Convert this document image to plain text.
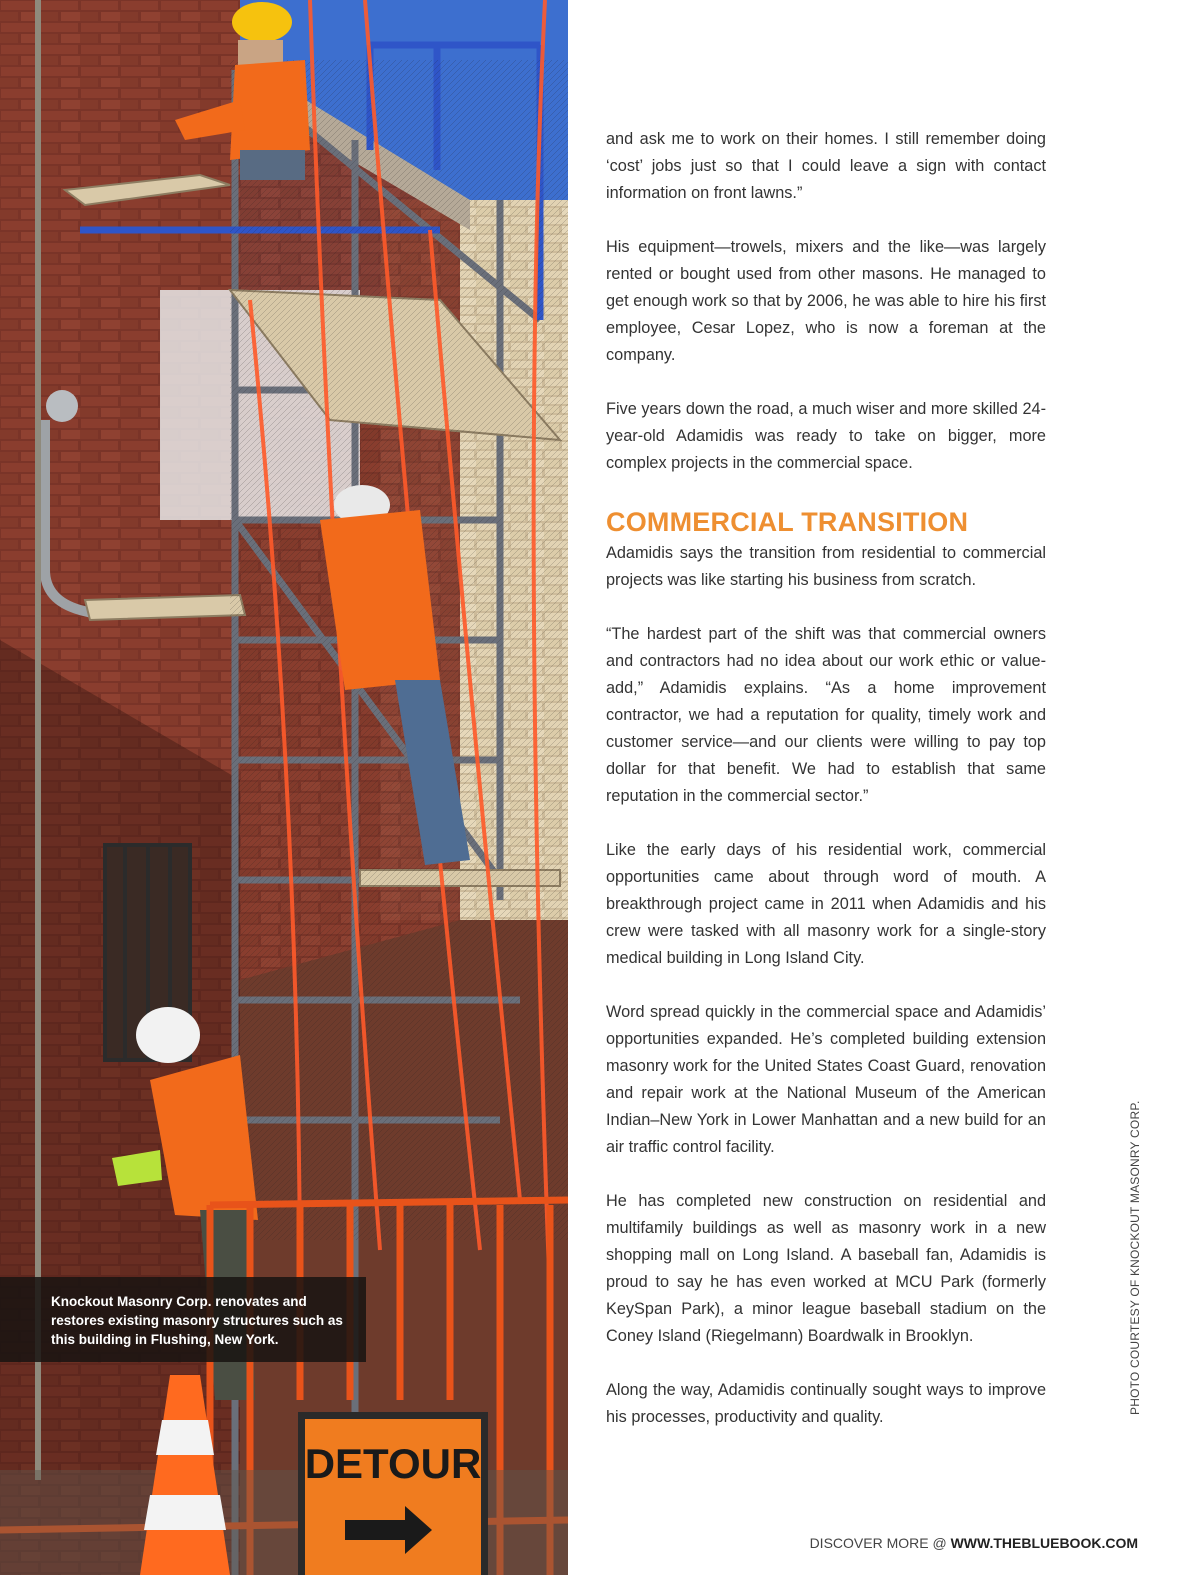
DETOUR
Knockout Masonry Corp. renovates and restores existing masonry structures such as this building in Flushing, New York.

and ask me to work on their homes. I still remember doing ‘cost’ jobs just so that I could leave a sign with contact information on front lawns.”

His equipment—trowels, mixers and the like—was largely rented or bought used from other masons. He managed to get enough work so that by 2006, he was able to hire his first employee, Cesar Lopez, who is now a foreman at the company.

Five years down the road, a much wiser and more skilled 24-year-old Adamidis was ready to take on bigger, more complex projects in the commercial space.

COMMERCIAL TRANSITION

Adamidis says the transition from residential to commercial projects was like starting his business from scratch.

“The hardest part of the shift was that commercial owners and contractors had no idea about our work ethic or value-add,” Adamidis explains. “As a home improvement contractor, we had a reputation for quality, timely work and customer service—and our clients were willing to pay top dollar for that benefit. We had to establish that same reputation in the commercial sector.”

Like the early days of his residential work, commercial opportunities came about through word of mouth. A breakthrough project came in 2011 when Adamidis and his crew were tasked with all masonry work for a single-story medical building in Long Island City.

Word spread quickly in the commercial space and Adamidis’ opportunities expanded. He’s completed building extension masonry work for the United States Coast Guard, renovation and repair work at the National Museum of the American Indian–New York in Lower Manhattan and a new build for an air traffic control facility.

He has completed new construction on residential and multifamily buildings as well as masonry work in a new shopping mall on Long Island. A baseball fan, Adamidis is proud to say he has even worked at MCU Park (formerly KeySpan Park), a minor league baseball stadium on the Coney Island (Riegelmann) Boardwalk in Brooklyn.

Along the way, Adamidis continually sought ways to improve his processes, productivity and quality.

PHOTO COURTESY OF KNOCKOUT MASONRY CORP.
DISCOVER MORE @ WWW.THEBLUEBOOK.COM
